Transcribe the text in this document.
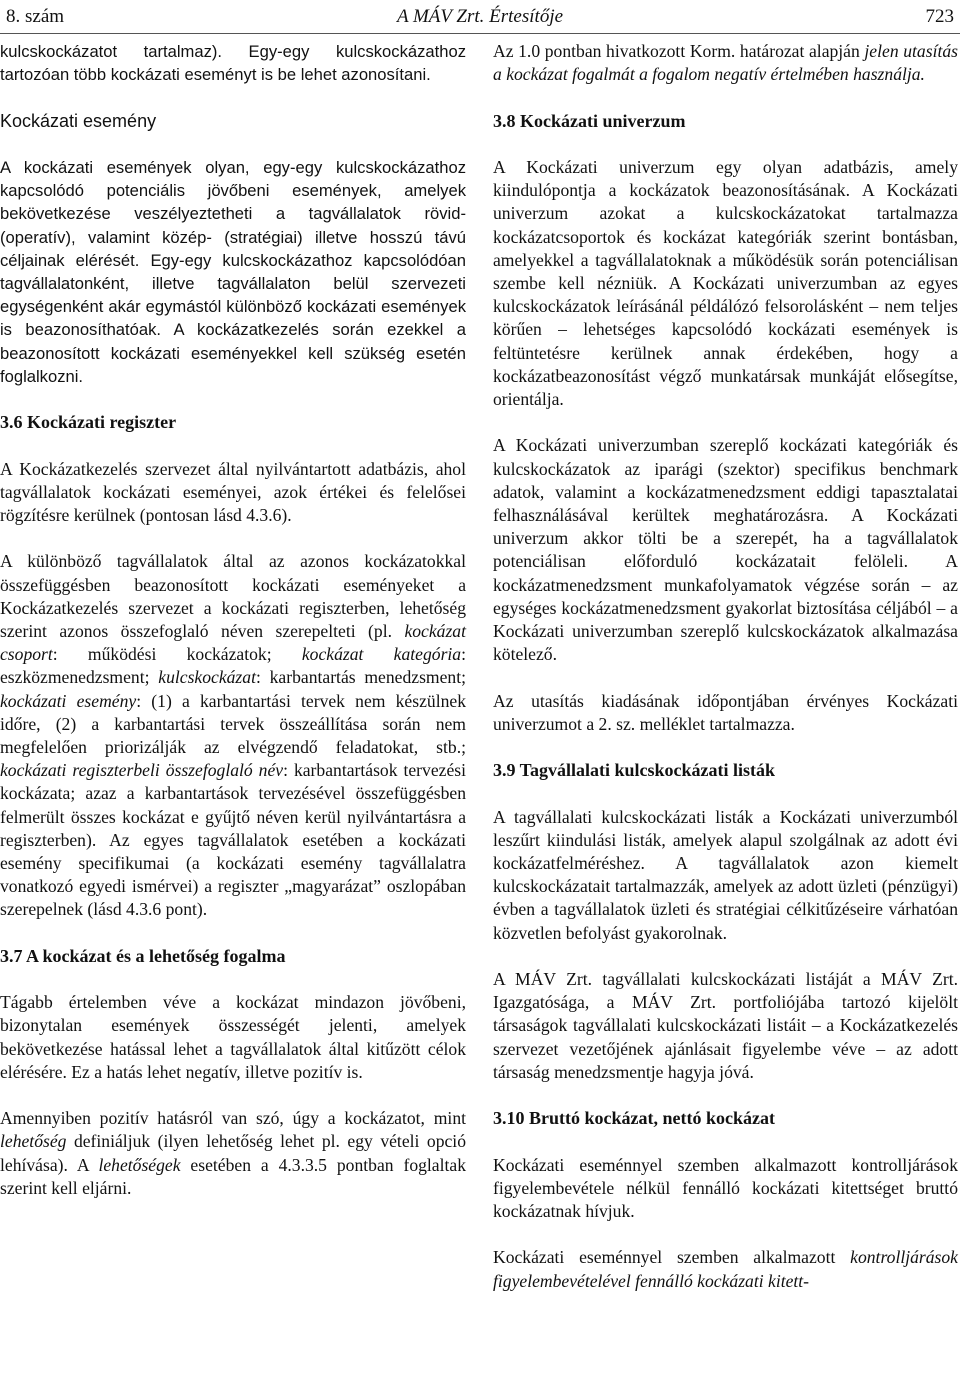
8. szám	A MÁV Zrt. Értesítője	723

kulcskockázatot tartalmaz). Egy-egy kulcskockázathoz tartozóan több kockázati eseményt is be lehet azonosítani.

Kockázati esemény

A kockázati események olyan, egy-egy kulcskockázathoz kapcsolódó potenciális jövőbeni események, amelyek bekövetkezése veszélyeztetheti a tagvállalatok rövid- (operatív), valamint közép- (stratégiai) illetve hosszú távú céljainak elérését. Egy-egy kulcskockázathoz kapcsolódóan tagvállalatonként, illetve tagvállalaton belül szervezeti egységenként akár egymástól különböző kockázati események is beazonosíthatóak. A kockázatkezelés során ezekkel a beazonosított kockázati eseményekkel kell szükség esetén foglalkozni.

3.6 Kockázati regiszter

A Kockázatkezelés szervezet által nyilvántartott adatbázis, ahol tagvállalatok kockázati eseményei, azok értékei és felelősei rögzítésre kerülnek (pontosan lásd 4.3.6).

A különböző tagvállalatok által az azonos kockázatokkal összefüggésben beazonosított kockázati eseményeket a Kockázatkezelés szervezet a kockázati regiszterben, lehetőség szerint azonos összefoglaló néven szerepelteti (pl. kockázat csoport: működési kockázatok; kockázat kategória: eszközmenedzsment; kulcskockázat: karbantartás menedzsment; kockázati esemény: (1) a karbantartási tervek nem készülnek időre, (2) a karbantartási tervek összeállítása során nem megfelelően priorizálják az elvégzendő feladatokat, stb.; kockázati regiszterbeli összefoglaló név: karbantartások tervezési kockázata; azaz a karbantartások tervezésével összefüggésben felmerült összes kockázat e gyűjtő néven kerül nyilvántartásra a regiszterben). Az egyes tagvállalatok esetében a kockázati esemény specifikumai (a kockázati esemény tagvállalatra vonatkozó egyedi ismérvei) a regiszter „magyarázat” oszlopában szerepelnek (lásd 4.3.6 pont).

3.7 A kockázat és a lehetőség fogalma

Tágabb értelemben véve a kockázat mindazon jövőbeni, bizonytalan események összességét jelenti, amelyek bekövetkezése hatással lehet a tagvállalatok által kitűzött célok elérésére. Ez a hatás lehet negatív, illetve pozitív is.

Amennyiben pozitív hatásról van szó, úgy a kockázatot, mint lehetőség definiáljuk (ilyen lehetőség lehet pl. egy vételi opció lehívása). A lehetőségek esetében a 4.3.3.5 pontban foglaltak szerint kell eljárni.

Az 1.0 pontban hivatkozott Korm. határozat alapján jelen utasítás a kockázat fogalmát a fogalom negatív értelmében használja.

3.8 Kockázati univerzum

A Kockázati univerzum egy olyan adatbázis, amely kiindulópontja a kockázatok beazonosításának. A Kockázati univerzum azokat a kulcskockázatokat tartalmazza kockázatcsoportok és kockázat kategóriák szerint bontásban, amelyekkel a tagvállalatoknak a működésük során potenciálisan szembe kell nézniük. A Kockázati univerzumban az egyes kulcskockázatok leírásánál példálózó felsorolásként – nem teljes körűen – lehetséges kapcsolódó kockázati események is feltüntetésre kerülnek annak érdekében, hogy a kockázatbeazonosítást végző munkatársak munkáját elősegítse, orientálja.

A Kockázati univerzumban szereplő kockázati kategóriák és kulcskockázatok az iparági (szektor) specifikus benchmark adatok, valamint a kockázatmenedzsment eddigi tapasztalatai felhasználásával kerültek meghatározásra. A Kockázati univerzum akkor tölti be a szerepét, ha a tagvállalatok potenciálisan előforduló kockázatait felöleli. A kockázatmenedzsment munkafolyamatok végzése során – az egységes kockázatmenedzsment gyakorlat biztosítása céljából – a Kockázati univerzumban szereplő kulcskockázatok alkalmazása kötelező.

Az utasítás kiadásának időpontjában érvényes Kockázati univerzumot a 2. sz. melléklet tartalmazza.

3.9 Tagvállalati kulcskockázati listák

A tagvállalati kulcskockázati listák a Kockázati univerzumból leszűrt kiindulási listák, amelyek alapul szolgálnak az adott évi kockázatfelméréshez. A tagvállalatok azon kiemelt kulcskockázatait tartalmazzák, amelyek az adott üzleti (pénzügyi) évben a tagvállalatok üzleti és stratégiai célkitűzéseire várhatóan közvetlen befolyást gyakorolnak.

A MÁV Zrt. tagvállalati kulcskockázati listáját a MÁV Zrt. Igazgatósága, a MÁV Zrt. portfoliójába tartozó kijelölt társaságok tagvállalati kulcskockázati listáit – a Kockázatkezelés szervezet vezetőjének ajánlásait figyelembe véve – az adott társaság menedzsmentje hagyja jóvá.

3.10 Bruttó kockázat, nettó kockázat

Kockázati eseménnyel szemben alkalmazott kontrolljárások figyelembevétele nélkül fennálló kockázati kitettséget bruttó kockázatnak hívjuk.

Kockázati eseménnyel szemben alkalmazott kontrolljárások figyelembevételével fennálló kockázati kitett-
